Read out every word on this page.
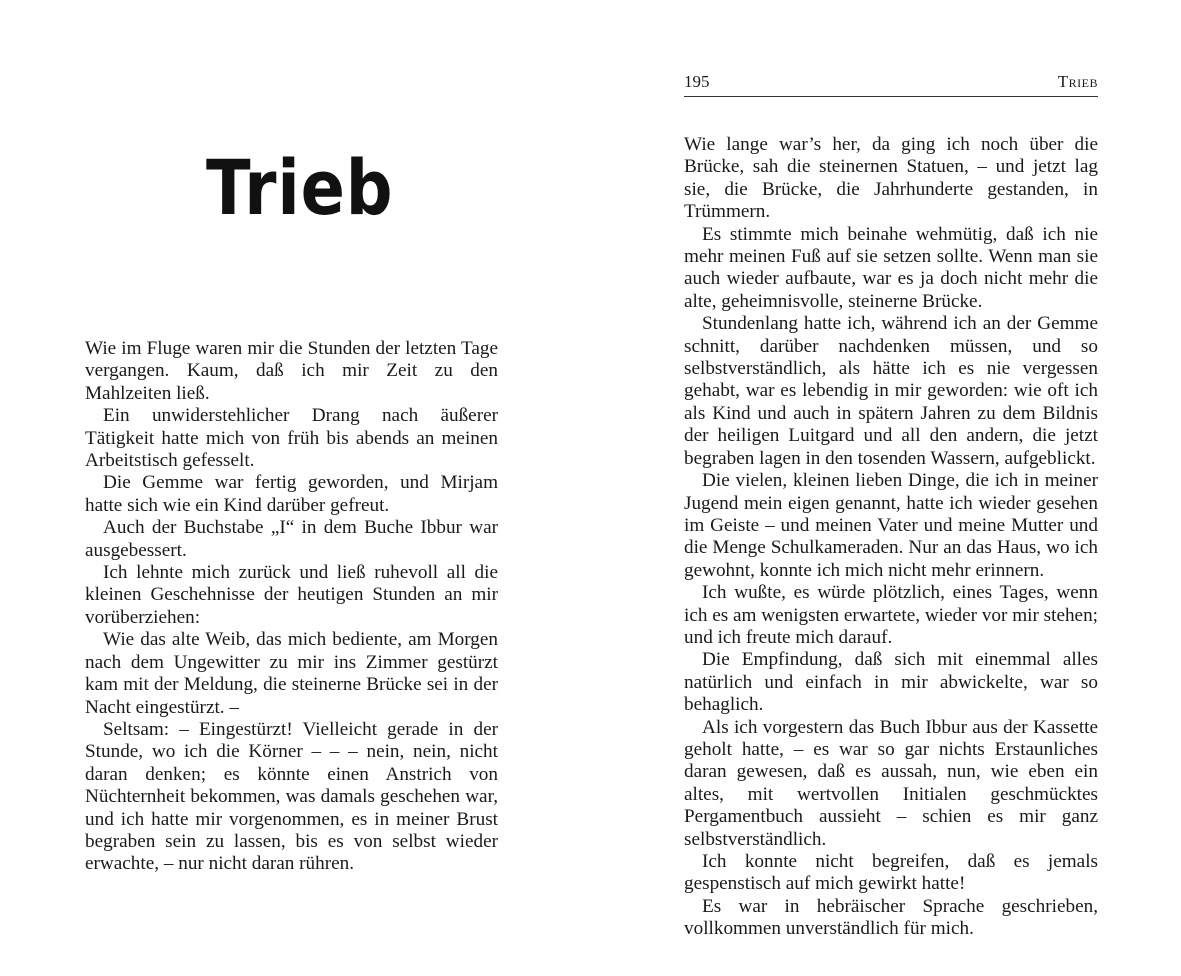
Trieb

Wie im Fluge waren mir die Stunden der letzten Tage vergangen. Kaum, daß ich mir Zeit zu den Mahlzeiten ließ.

Ein unwiderstehlicher Drang nach äußerer Tätigkeit hatte mich von früh bis abends an meinen Arbeitstisch gefesselt.

Die Gemme war fertig geworden, und Mirjam hatte sich wie ein Kind darüber gefreut.

Auch der Buchstabe „I“ in dem Buche Ibbur war ausgebessert.

Ich lehnte mich zurück und ließ ruhevoll all die kleinen Geschehnisse der heutigen Stunden an mir vorüberziehen:

Wie das alte Weib, das mich bediente, am Morgen nach dem Ungewitter zu mir ins Zimmer gestürzt kam mit der Meldung, die steinerne Brücke sei in der Nacht eingestürzt. –

Seltsam: – Eingestürzt! Vielleicht gerade in der Stunde, wo ich die Körner – – – nein, nein, nicht daran denken; es könnte einen Anstrich von Nüchternheit bekommen, was damals geschehen war, und ich hatte mir vorgenommen, es in meiner Brust begraben sein zu lassen, bis es von selbst wieder erwachte, – nur nicht daran rühren.

195	Trieb

Wie lange war’s her, da ging ich noch über die Brücke, sah die steinernen Statuen, – und jetzt lag sie, die Brücke, die Jahrhunderte gestanden, in Trümmern.

Es stimmte mich beinahe wehmütig, daß ich nie mehr meinen Fuß auf sie setzen sollte. Wenn man sie auch wieder aufbaute, war es ja doch nicht mehr die alte, geheimnisvolle, steinerne Brücke.

Stundenlang hatte ich, während ich an der Gemme schnitt, darüber nachdenken müssen, und so selbstverständlich, als hätte ich es nie vergessen gehabt, war es lebendig in mir geworden: wie oft ich als Kind und auch in spätern Jahren zu dem Bildnis der heiligen Luitgard und all den andern, die jetzt begraben lagen in den tosenden Wassern, aufgeblickt.

Die vielen, kleinen lieben Dinge, die ich in meiner Jugend mein eigen genannt, hatte ich wieder gesehen im Geiste – und meinen Vater und meine Mutter und die Menge Schulkameraden. Nur an das Haus, wo ich gewohnt, konnte ich mich nicht mehr erinnern.

Ich wußte, es würde plötzlich, eines Tages, wenn ich es am wenigsten erwartete, wieder vor mir stehen; und ich freute mich darauf.

Die Empfindung, daß sich mit einemmal alles natürlich und einfach in mir abwickelte, war so behaglich.

Als ich vorgestern das Buch Ibbur aus der Kassette geholt hatte, – es war so gar nichts Erstaunliches daran gewesen, daß es aussah, nun, wie eben ein altes, mit wertvollen Initialen geschmücktes Pergamentbuch aussieht – schien es mir ganz selbstverständlich.

Ich konnte nicht begreifen, daß es jemals gespenstisch auf mich gewirkt hatte!

Es war in hebräischer Sprache geschrieben, vollkommen unverständlich für mich.
